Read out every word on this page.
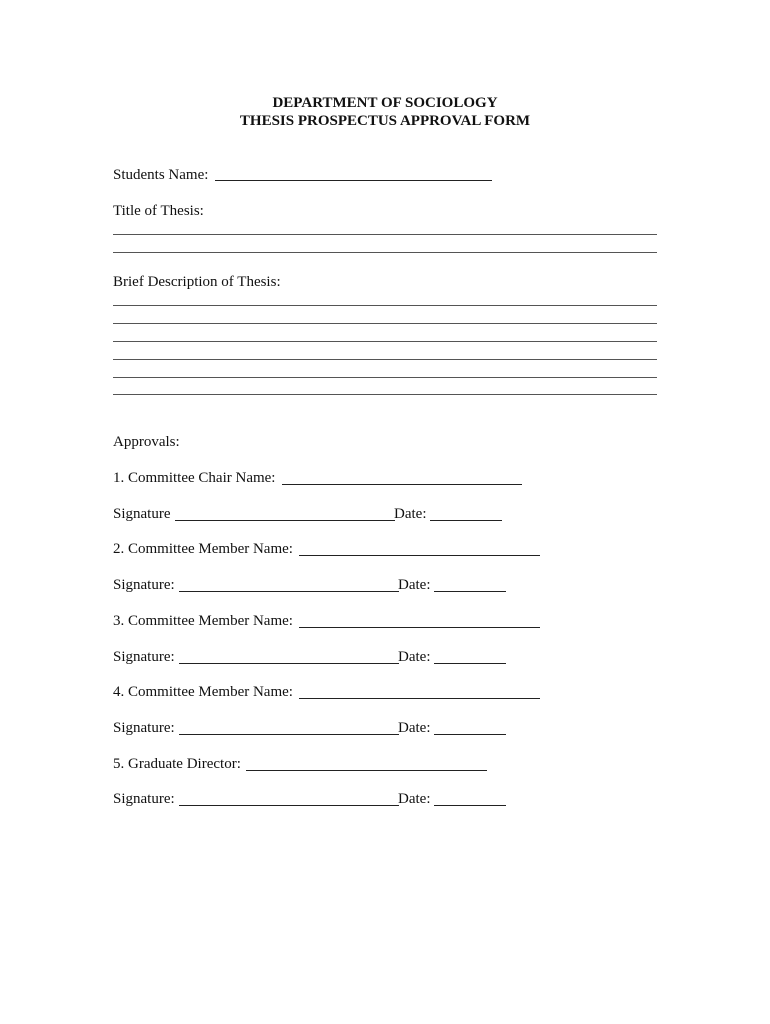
DEPARTMENT OF SOCIOLOGY
THESIS PROSPECTUS APPROVAL FORM
Students Name:
Title of Thesis:
Brief Description of Thesis:
Approvals:
1. Committee Chair Name:
Signature	Date:
2. Committee Member Name:
Signature:	Date:
3. Committee Member Name:
Signature:	Date:
4. Committee Member Name:
Signature:	Date:
5. Graduate Director:
Signature:	Date:
